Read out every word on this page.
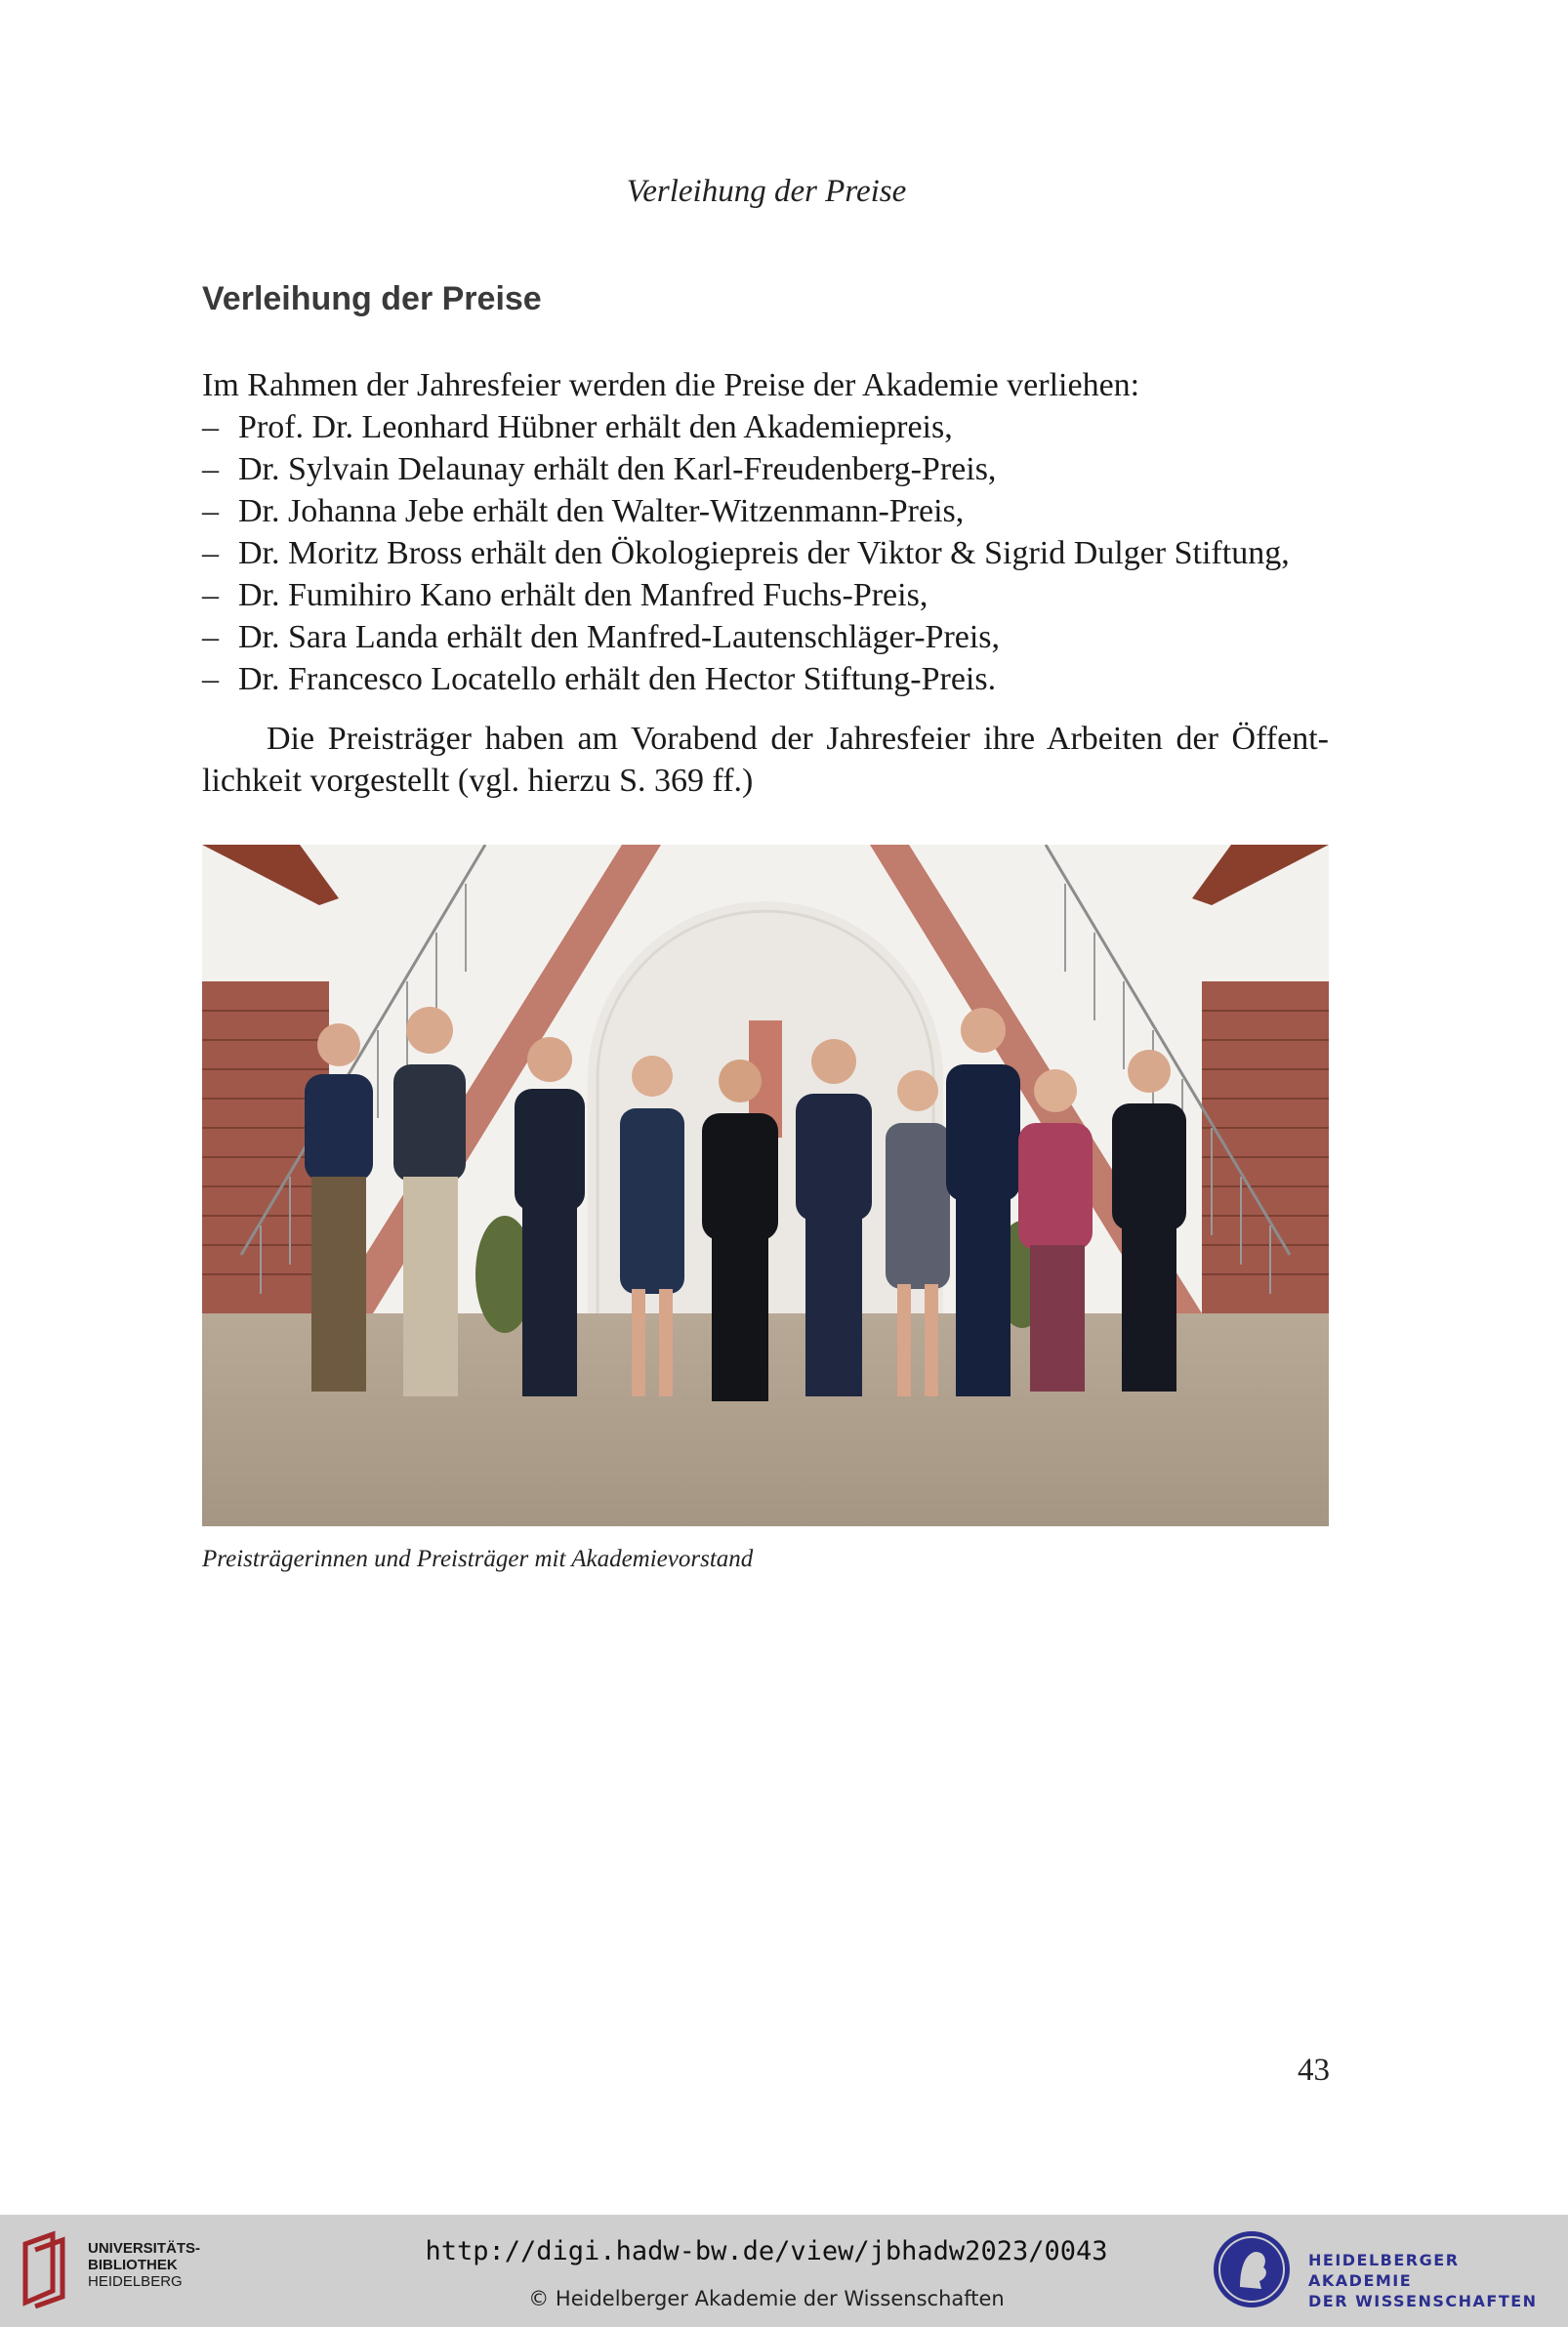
Verleihung der Preise
Verleihung der Preise

Im Rahmen der Jahresfeier werden die Preise der Akademie verliehen:

– Prof. Dr. Leonhard Hübner erhält den Akademiepreis,
– Dr. Sylvain Delaunay erhält den Karl-Freudenberg-Preis,
– Dr. Johanna Jebe erhält den Walter-Witzenmann-Preis,
– Dr. Moritz Bross erhält den Ökologiepreis der Viktor & Sigrid Dulger Stiftung,
– Dr. Fumihiro Kano erhält den Manfred Fuchs-Preis,
– Dr. Sara Landa erhält den Manfred-Lautenschläger-Preis,
– Dr. Francesco Locatello erhält den Hector Stiftung-Preis.

Die Preisträger haben am Vorabend der Jahresfeier ihre Arbeiten der Öffent-
lichkeit vorgestellt (vgl. hierzu S. 369 ff.)

Preisträgerinnen und Preisträger mit Akademievorstand
43
UNIVERSITÄTS-
BIBLIOTHEK
HEIDELBERG
http://digi.hadw-bw.de/view/jbhadw2023/0043
© Heidelberger Akademie der Wissenschaften
HEIDELBERGER AKADEMIE
DER WISSENSCHAFTEN
